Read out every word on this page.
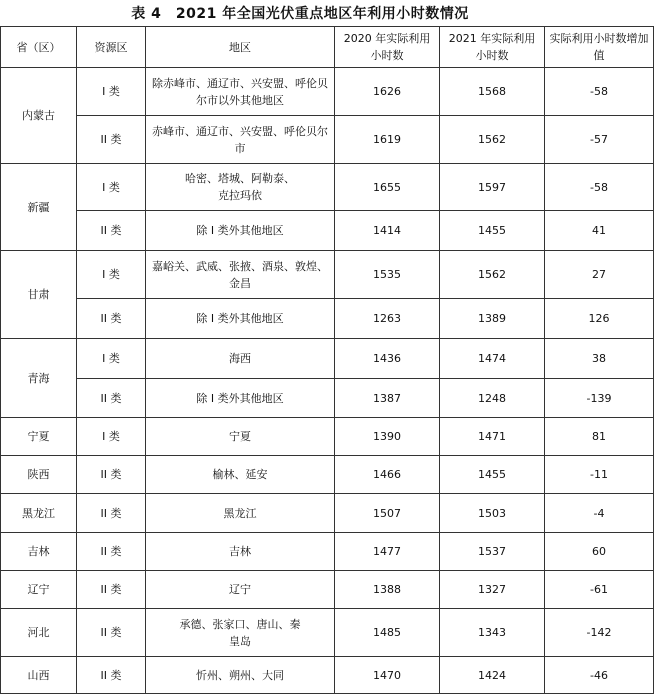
表 4　2021 年全国光伏重点地区年利用小时数情况
省（区）	资源区	地区	2020 年实际利用小时数	2021 年实际利用小时数	实际利用小时数增加值
内蒙古	I 类	除赤峰市、通辽市、兴安盟、呼伦贝尔市以外其他地区	1626	1568	-58
	II 类	赤峰市、通辽市、兴安盟、呼伦贝尔市	1619	1562	-57
新疆	I 类	哈密、塔城、阿勒泰、克拉玛依	1655	1597	-58
	II 类	除 I 类外其他地区	1414	1455	41
甘肃	I 类	嘉峪关、武威、张掖、酒泉、敦煌、金昌	1535	1562	27
	II 类	除 I 类外其他地区	1263	1389	126
青海	I 类	海西	1436	1474	38
	II 类	除 I 类外其他地区	1387	1248	-139
宁夏	I 类	宁夏	1390	1471	81
陕西	II 类	榆林、延安	1466	1455	-11
黑龙江	II 类	黑龙江	1507	1503	-4
吉林	II 类	吉林	1477	1537	60
辽宁	II 类	辽宁	1388	1327	-61
河北	II 类	承德、张家口、唐山、秦皇岛	1485	1343	-142
山西	II 类	忻州、朔州、大同	1470	1424	-46
